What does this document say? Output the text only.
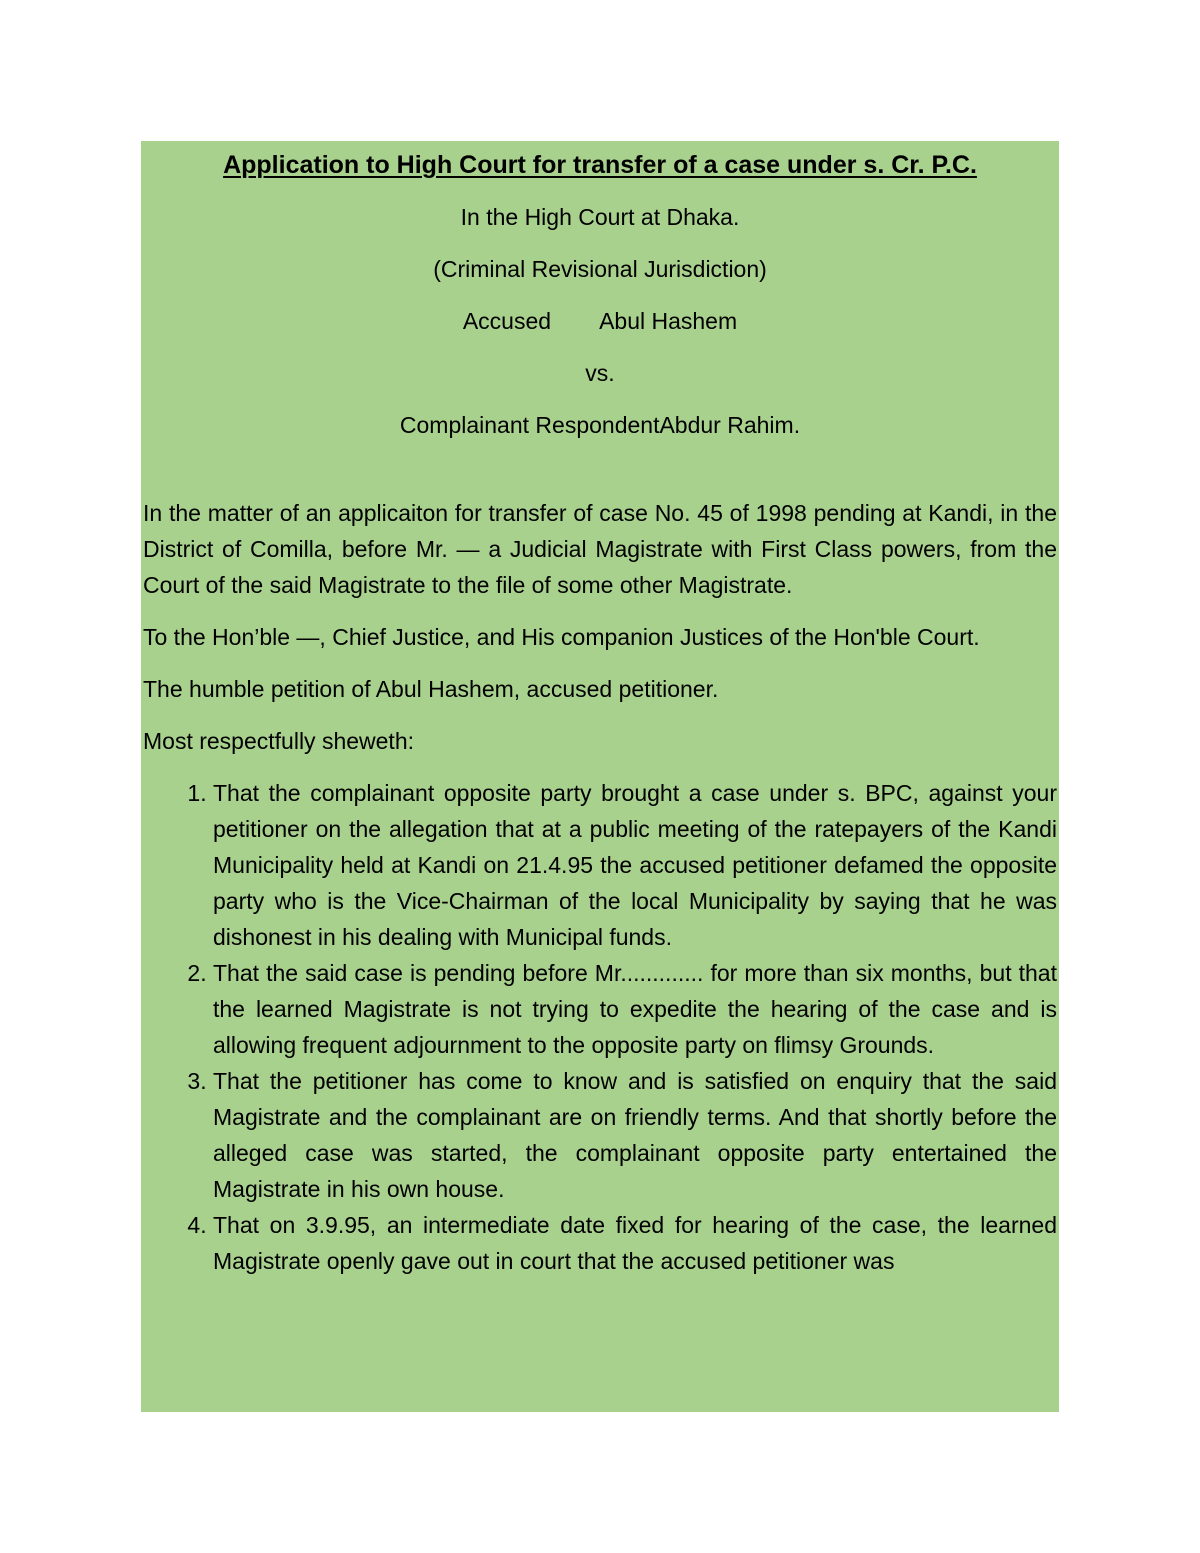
Application to High Court for transfer of a case under s. Cr. P.C.
In the High Court at Dhaka.
(Criminal Revisional Jurisdiction)
Accused Abul Hashem
vs.
Complainant RespondentAbdur Rahim.

In the matter of an applicaiton for transfer of case No. 45 of 1998 pending at Kandi, in the District of Comilla, before Mr. — a Judicial Magistrate with First Class powers, from the Court of the said Magistrate to the file of some other Magistrate.

To the Hon’ble —, Chief Justice, and His companion Justices of the Hon'ble Court.

The humble petition of Abul Hashem, accused petitioner.

Most respectfully sheweth:

1. That the complainant opposite party brought a case under s. BPC, against your petitioner on the allegation that at a public meeting of the ratepayers of the Kandi Municipality held at Kandi on 21.4.95 the accused petitioner defamed the opposite party who is the Vice-Chairman of the local Municipality by saying that he was dishonest in his dealing with Municipal funds.
2. That the said case is pending before Mr............. for more than six months, but that the learned Magistrate is not trying to expedite the hearing of the case and is allowing frequent adjournment to the opposite party on flimsy Grounds.
3. That the petitioner has come to know and is satisfied on enquiry that the said Magistrate and the complainant are on friendly terms. And that shortly before the alleged case was started, the complainant opposite party entertained the Magistrate in his own house.
4. That on 3.9.95, an intermediate date fixed for hearing of the case, the learned Magistrate openly gave out in court that the accused petitioner was
